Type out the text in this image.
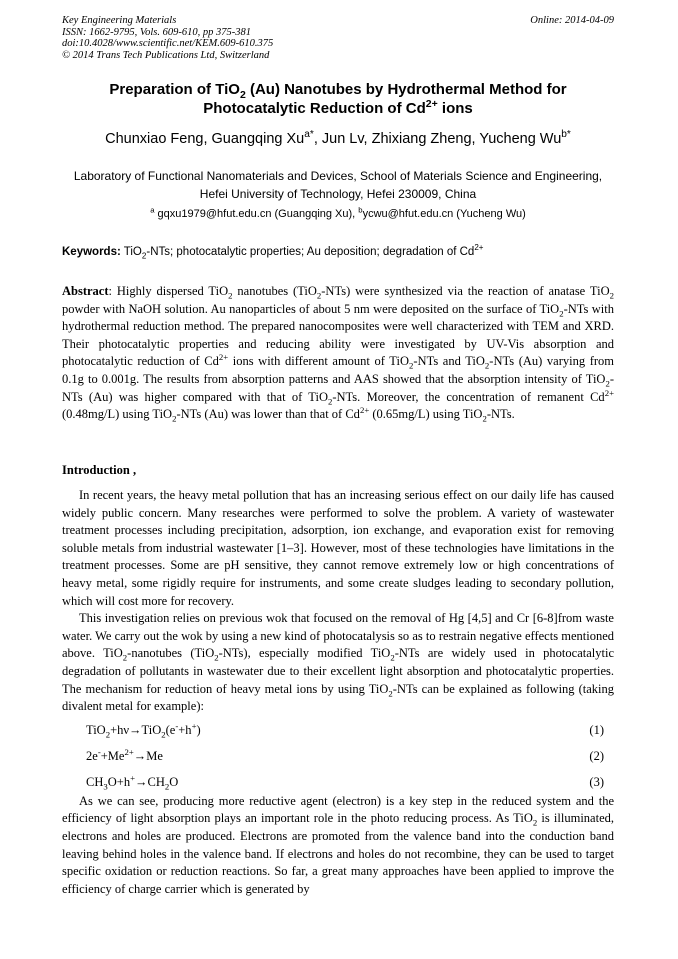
Key Engineering Materials
ISSN: 1662-9795, Vols. 609-610, pp 375-381
doi:10.4028/www.scientific.net/KEM.609-610.375
© 2014 Trans Tech Publications Ltd, Switzerland
Online: 2014-04-09
Preparation of TiO$_2$ (Au) Nanotubes by Hydrothermal Method for
Photocatalytic Reduction of $Cd^{2+}$ ions
Chunxiao Feng, Guangqing $Xu^{a*}$, Jun Lv, Zhixiang Zheng, Yucheng $Wu^{b*}$
Laboratory of Functional Nanomaterials and Devices, School of Materials Science and Engineering,
Hefei University of Technology, Hefei 230009, China
$^a$ gqxu1979@hfut.edu.cn (Guangqing Xu), $^b$ycwu@hfut.edu.cn (Yucheng Wu)
Keywords: TiO$_2$-NTs; photocatalytic properties; Au deposition; degradation of $Cd^{2+}$
Abstract: Highly dispersed TiO$_2$ nanotubes (TiO$_2$-NTs) were synthesized via the reaction of anatase TiO$_2$ powder with NaOH solution. Au nanoparticles of about 5 nm were deposited on the surface of TiO$_2$-NTs with hydrothermal reduction method. The prepared nanocomposites were well characterized with TEM and XRD. Their photocatalytic properties and reducing ability were investigated by UV-Vis absorption and photocatalytic reduction of $Cd^{2+}$ ions with different amount of TiO$_2$-NTs and TiO$_2$-NTs (Au) varying from 0.1g to 0.001g. The results from absorption patterns and AAS showed that the absorption intensity of TiO$_2$-NTs (Au) was higher compared with that of TiO$_2$-NTs. Moreover, the concentration of remanent $Cd^{2+}$ (0.48mg/L) using TiO$_2$-NTs (Au) was lower than that of $Cd^{2+}$ (0.65mg/L) using TiO$_2$-NTs.
Introduction ,

In recent years, the heavy metal pollution that has an increasing serious effect on our daily life has caused widely public concern. Many researches were performed to solve the problem. A variety of wastewater treatment processes including precipitation, adsorption, ion exchange, and evaporation exist for removing soluble metals from industrial wastewater [1–3]. However, most of these technologies have limitations in the treatment processes. Some are pH sensitive, they cannot remove extremely low or high concentrations of heavy metal, some rigidly require for instruments, and some create sludges leading to secondary pollution, which will cost more for recovery.

This investigation relies on previous wok that focused on the removal of Hg [4,5] and Cr [6-8]from waste water. We carry out the wok by using a new kind of photocatalysis so as to restrain negative effects mentioned above. TiO$_2$-nanotubes (TiO$_2$-NTs), especially modified TiO$_2$-NTs are widely used in photocatalytic degradation of pollutants in wastewater due to their excellent light absorption and photocatalytic properties. The mechanism for reduction of heavy metal ions by using TiO$_2$-NTs can be explained as following (taking divalent metal for example):

TiO$_2$+hν→TiO$_2$(e-+h+)	(1)
$2e^-+Me^{2+}\to Me$	(2)
$CH_3O+h^+\to CH_2O$	(3)

As we can see, producing more reductive agent (electron) is a key step in the reduced system and the efficiency of light absorption plays an important role in the photo reducing process. As TiO$_2$ is illuminated, electrons and holes are produced. Electrons are promoted from the valence band into the conduction band leaving behind holes in the valence band. If electrons and holes do not recombine, they can be used to target specific oxidation or reduction reactions. So far, a great many approaches have been applied to improve the efficiency of charge carrier which is generated by
